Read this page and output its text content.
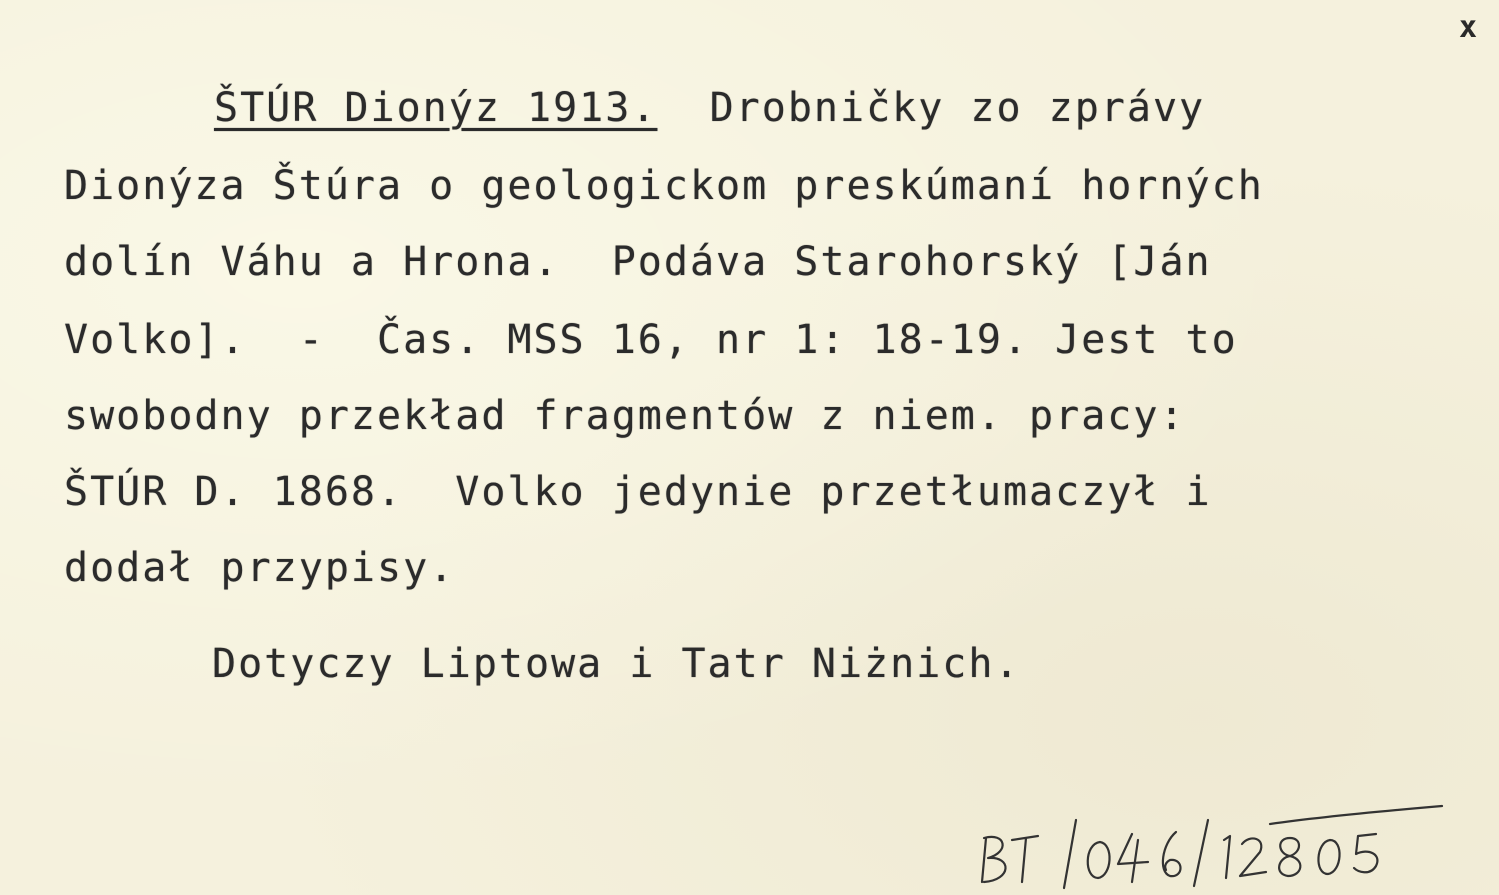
x
ŠTÚR Dionýz 1913.  Drobničky zo zprávy
Dionýza Štúra o geologickom preskúmaní horných
dolín Váhu a Hrona.  Podáva Starohorský [Ján
Volko].  -  Čas. MSS 16, nr 1: 18-19. Jest to
swobodny przekład fragmentów z niem. pracy:
ŠTÚR D. 1868.  Volko jedynie przetłumaczył i
dodał przypisy.
Dotyczy Liptowa i Tatr Niżnich.
